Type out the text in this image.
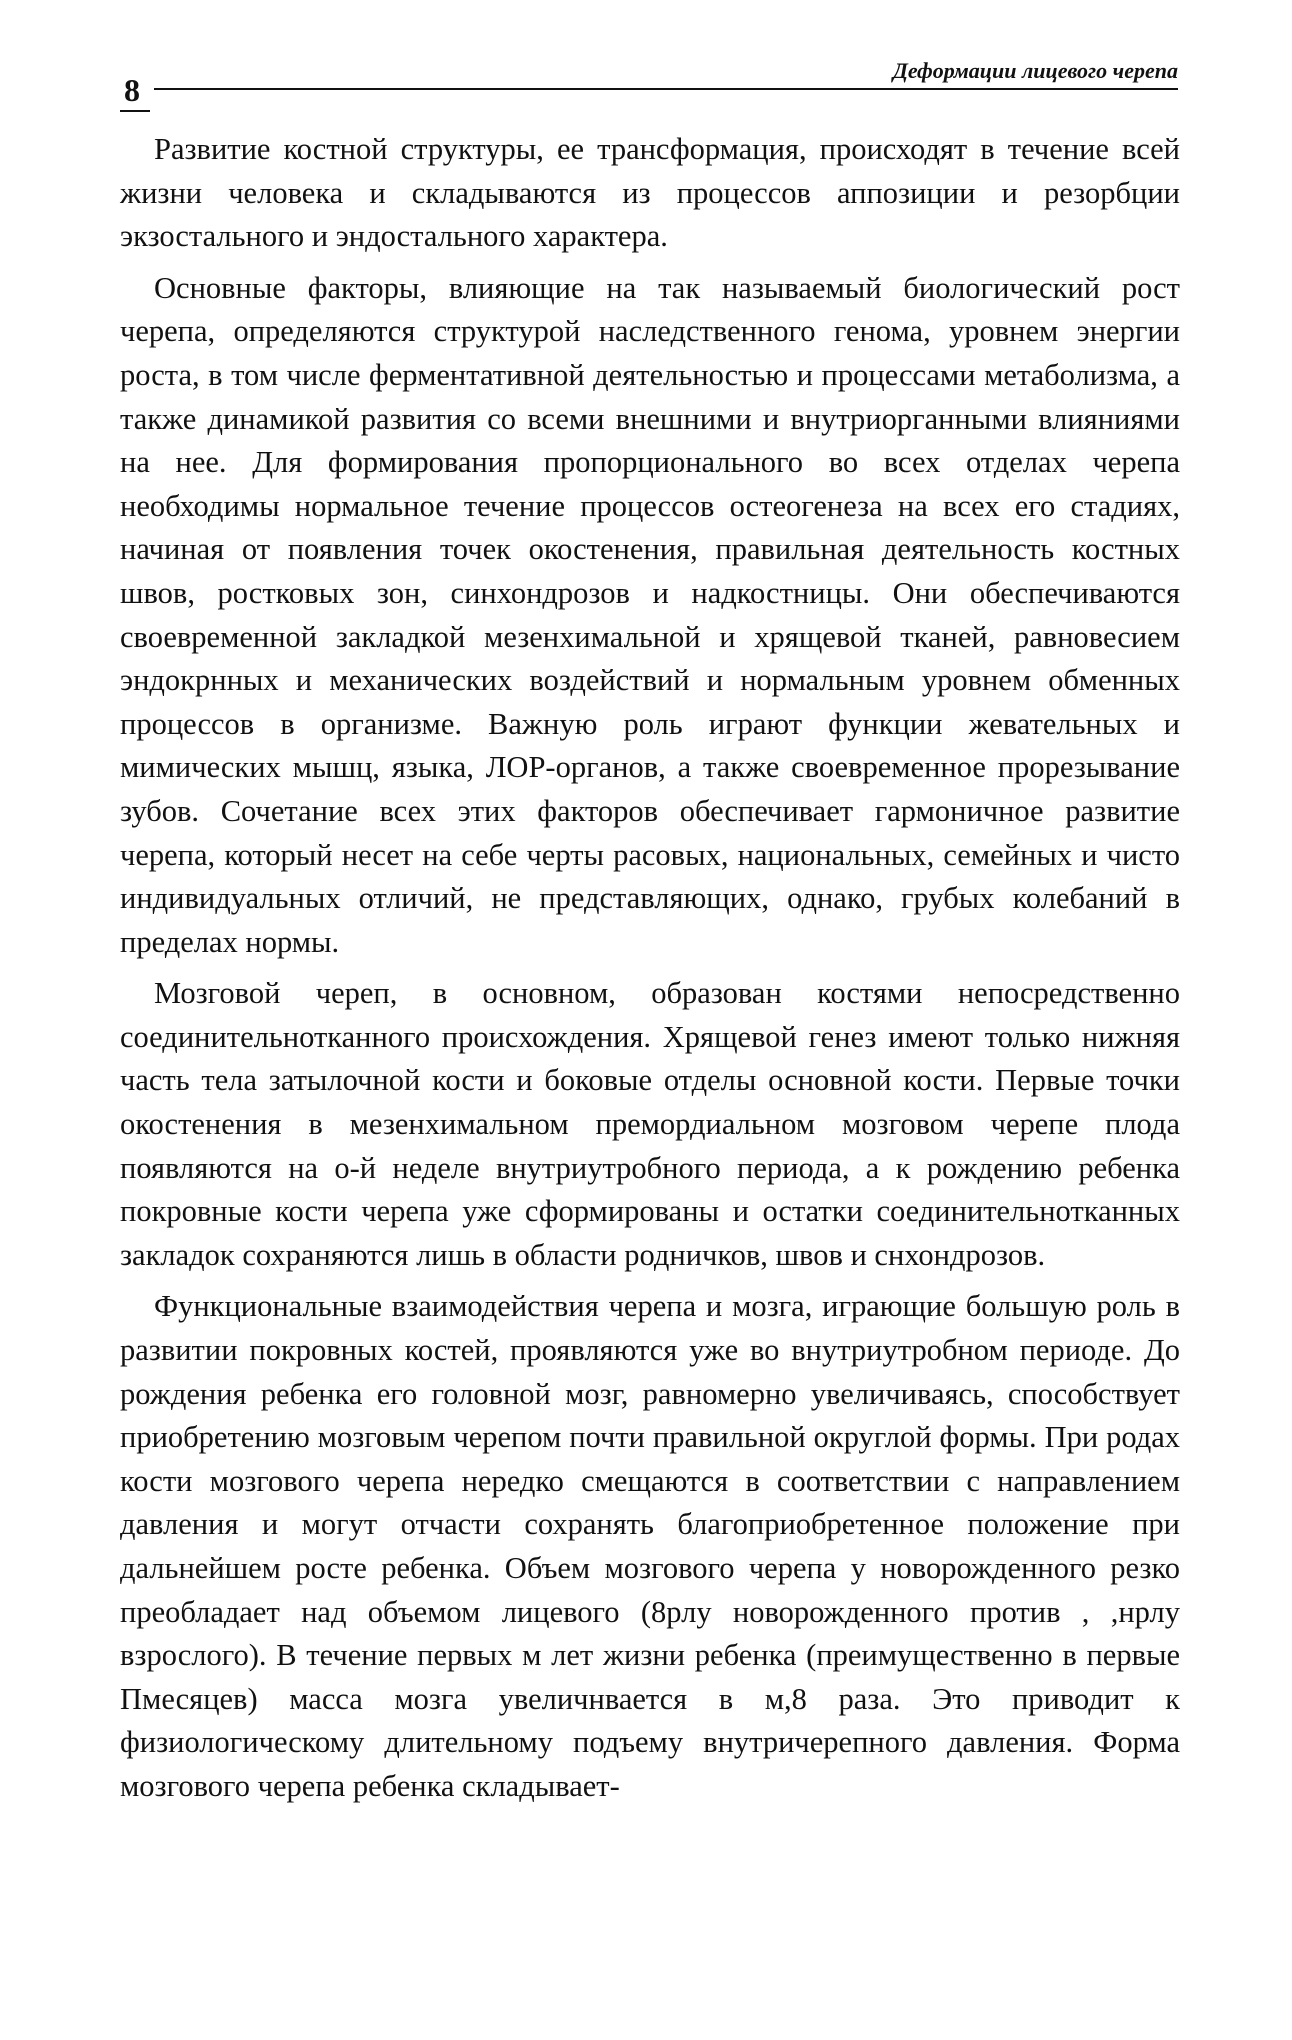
8
Деформации лицевого черепа

Развитие костной структуры, ее трансформация, происходят в течение всей жизни человека и складываются из процессов аппозиции и резорбции экзостального и эндостального характера.

Основные факторы, влияющие на так называемый биологический рост черепа, определяются структурой наследственного генома, уровнем энергии роста, в том числе ферментативной деятельностью и процессами метаболизма, а также динамикой развития со всеми внешними и внутриорганными влияниями на нее. Для формирования пропорционального во всех отделах черепа необходимы нормальное течение процессов остеогенеза на всех его стадиях, начиная от появления точек окостенения, правильная деятельность костных швов, ростковых зон, синхондрозов и надкостницы. Они обеспечиваются своевременной закладкой мезенхимальной и хрящевой тканей, равновесием эндокрнных и механических воздействий и нормальным уровнем обменных процессов в организме. Важную роль играют функции жевательных и мимических мышц, языка, ЛОР-органов, а также своевременное прорезывание зубов. Сочетание всех этих факторов обеспечивает гармоничное развитие черепа, который несет на себе черты расовых, национальных, семейных и чисто индивидуальных отличий, не представляющих, однако, грубых колебаний в пределах нормы.

Мозговой череп, в основном, образован костями непосредственно соединительнотканного происхождения. Хрящевой генез имеют только нижняя часть тела затылочной кости и боковые отделы основной кости. Первые точки окостенения в мезенхимальном премордиальном мозговом черепе плода появляются на о-й неделе внутриутробного периода, а к рождению ребенка покровные кости черепа уже сформированы и остатки соединительнотканных закладок сохраняются лишь в области родничков, швов и снхондрозов.

Функциональные взаимодействия черепа и мозга, играющие большую роль в развитии покровных костей, проявляются уже во внутриутробном периоде. До рождения ребенка его головной мозг, равномерно увеличиваясь, способствует приобретению мозговым черепом почти правильной округлой формы. При родах кости мозгового черепа нередко смещаются в соответствии с направлением давления и могут отчасти сохранять благоприобретенное положение при дальнейшем росте ребенка. Объем мозгового черепа у новорожденного резко преобладает над объемом лицевого (8рлу новорожденного против , ,нрлу взрослого). В течение первых м лет жизни ребенка (преимущественно в первые Пмесяцев) масса мозга увеличнвается в м,8 раза. Это приводит к физиологическому длительному подъему внутричерепного давления. Форма мозгового черепа ребенка складывает-
